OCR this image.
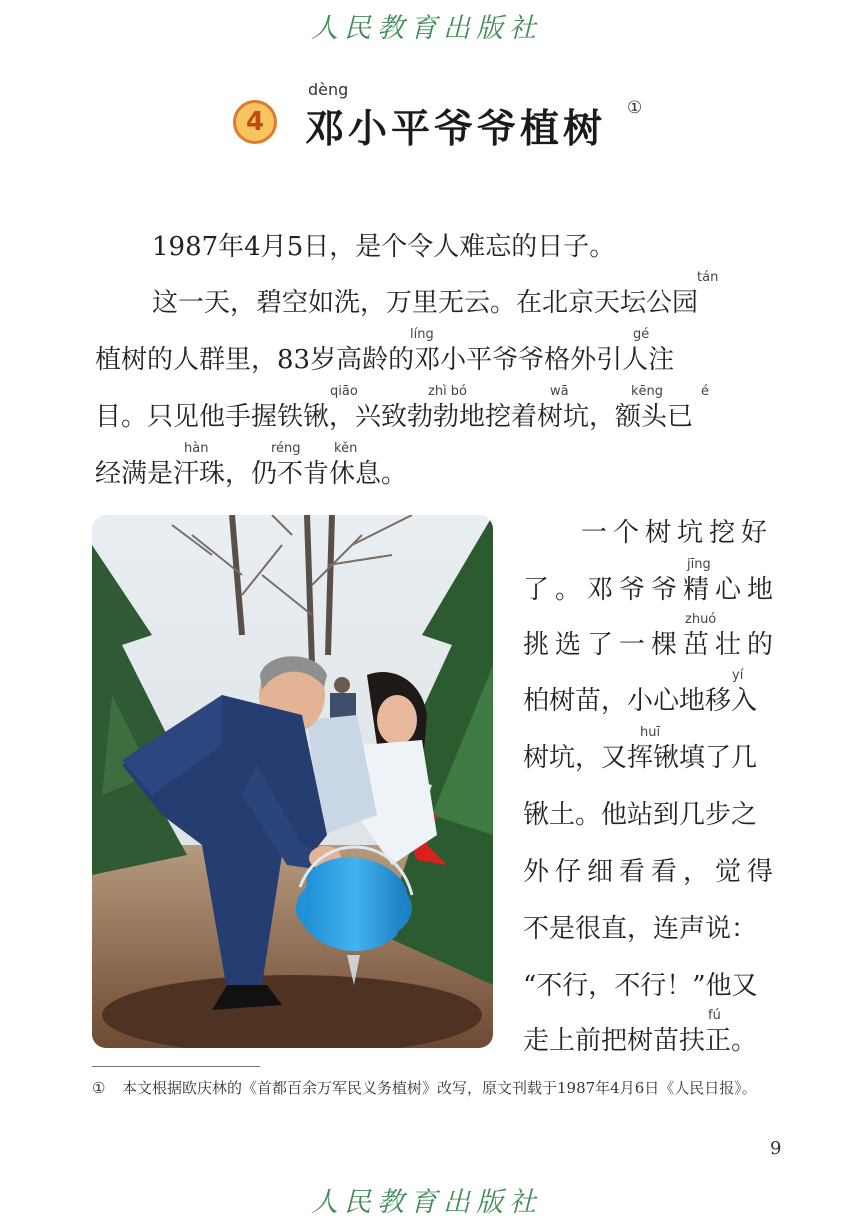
人民教育出版社
4
dèng
邓小平爷爷植树 ①
1987年4月5日，是个令人难忘的日子。
tán
这一天，碧空如洗，万里无云。在北京天坛公园
líng	gé
植树的人群里，83岁高龄的邓小平爷爷格外引人注
qiāo	zhì bó	wā	kēng	é
目。只见他手握铁锹，兴致勃勃地挖着树坑，额头已
hàn	réng	kěn
经满是汗珠，仍不肯休息。
一个树坑挖好
jīng
了。邓爷爷精心地
zhuó
挑选了一棵茁壮的
yí
柏树苗，小心地移入
huī
树坑，又挥锹填了几
锹土。他站到几步之
外仔细看看，觉得
不是很直，连声说：
“不行，不行！”他又
fú
走上前把树苗扶正。
① 本文根据欧庆林的《首都百余万军民义务植树》改写，原文刊载于1987年4月6日《人民日报》。
9
人民教育出版社
